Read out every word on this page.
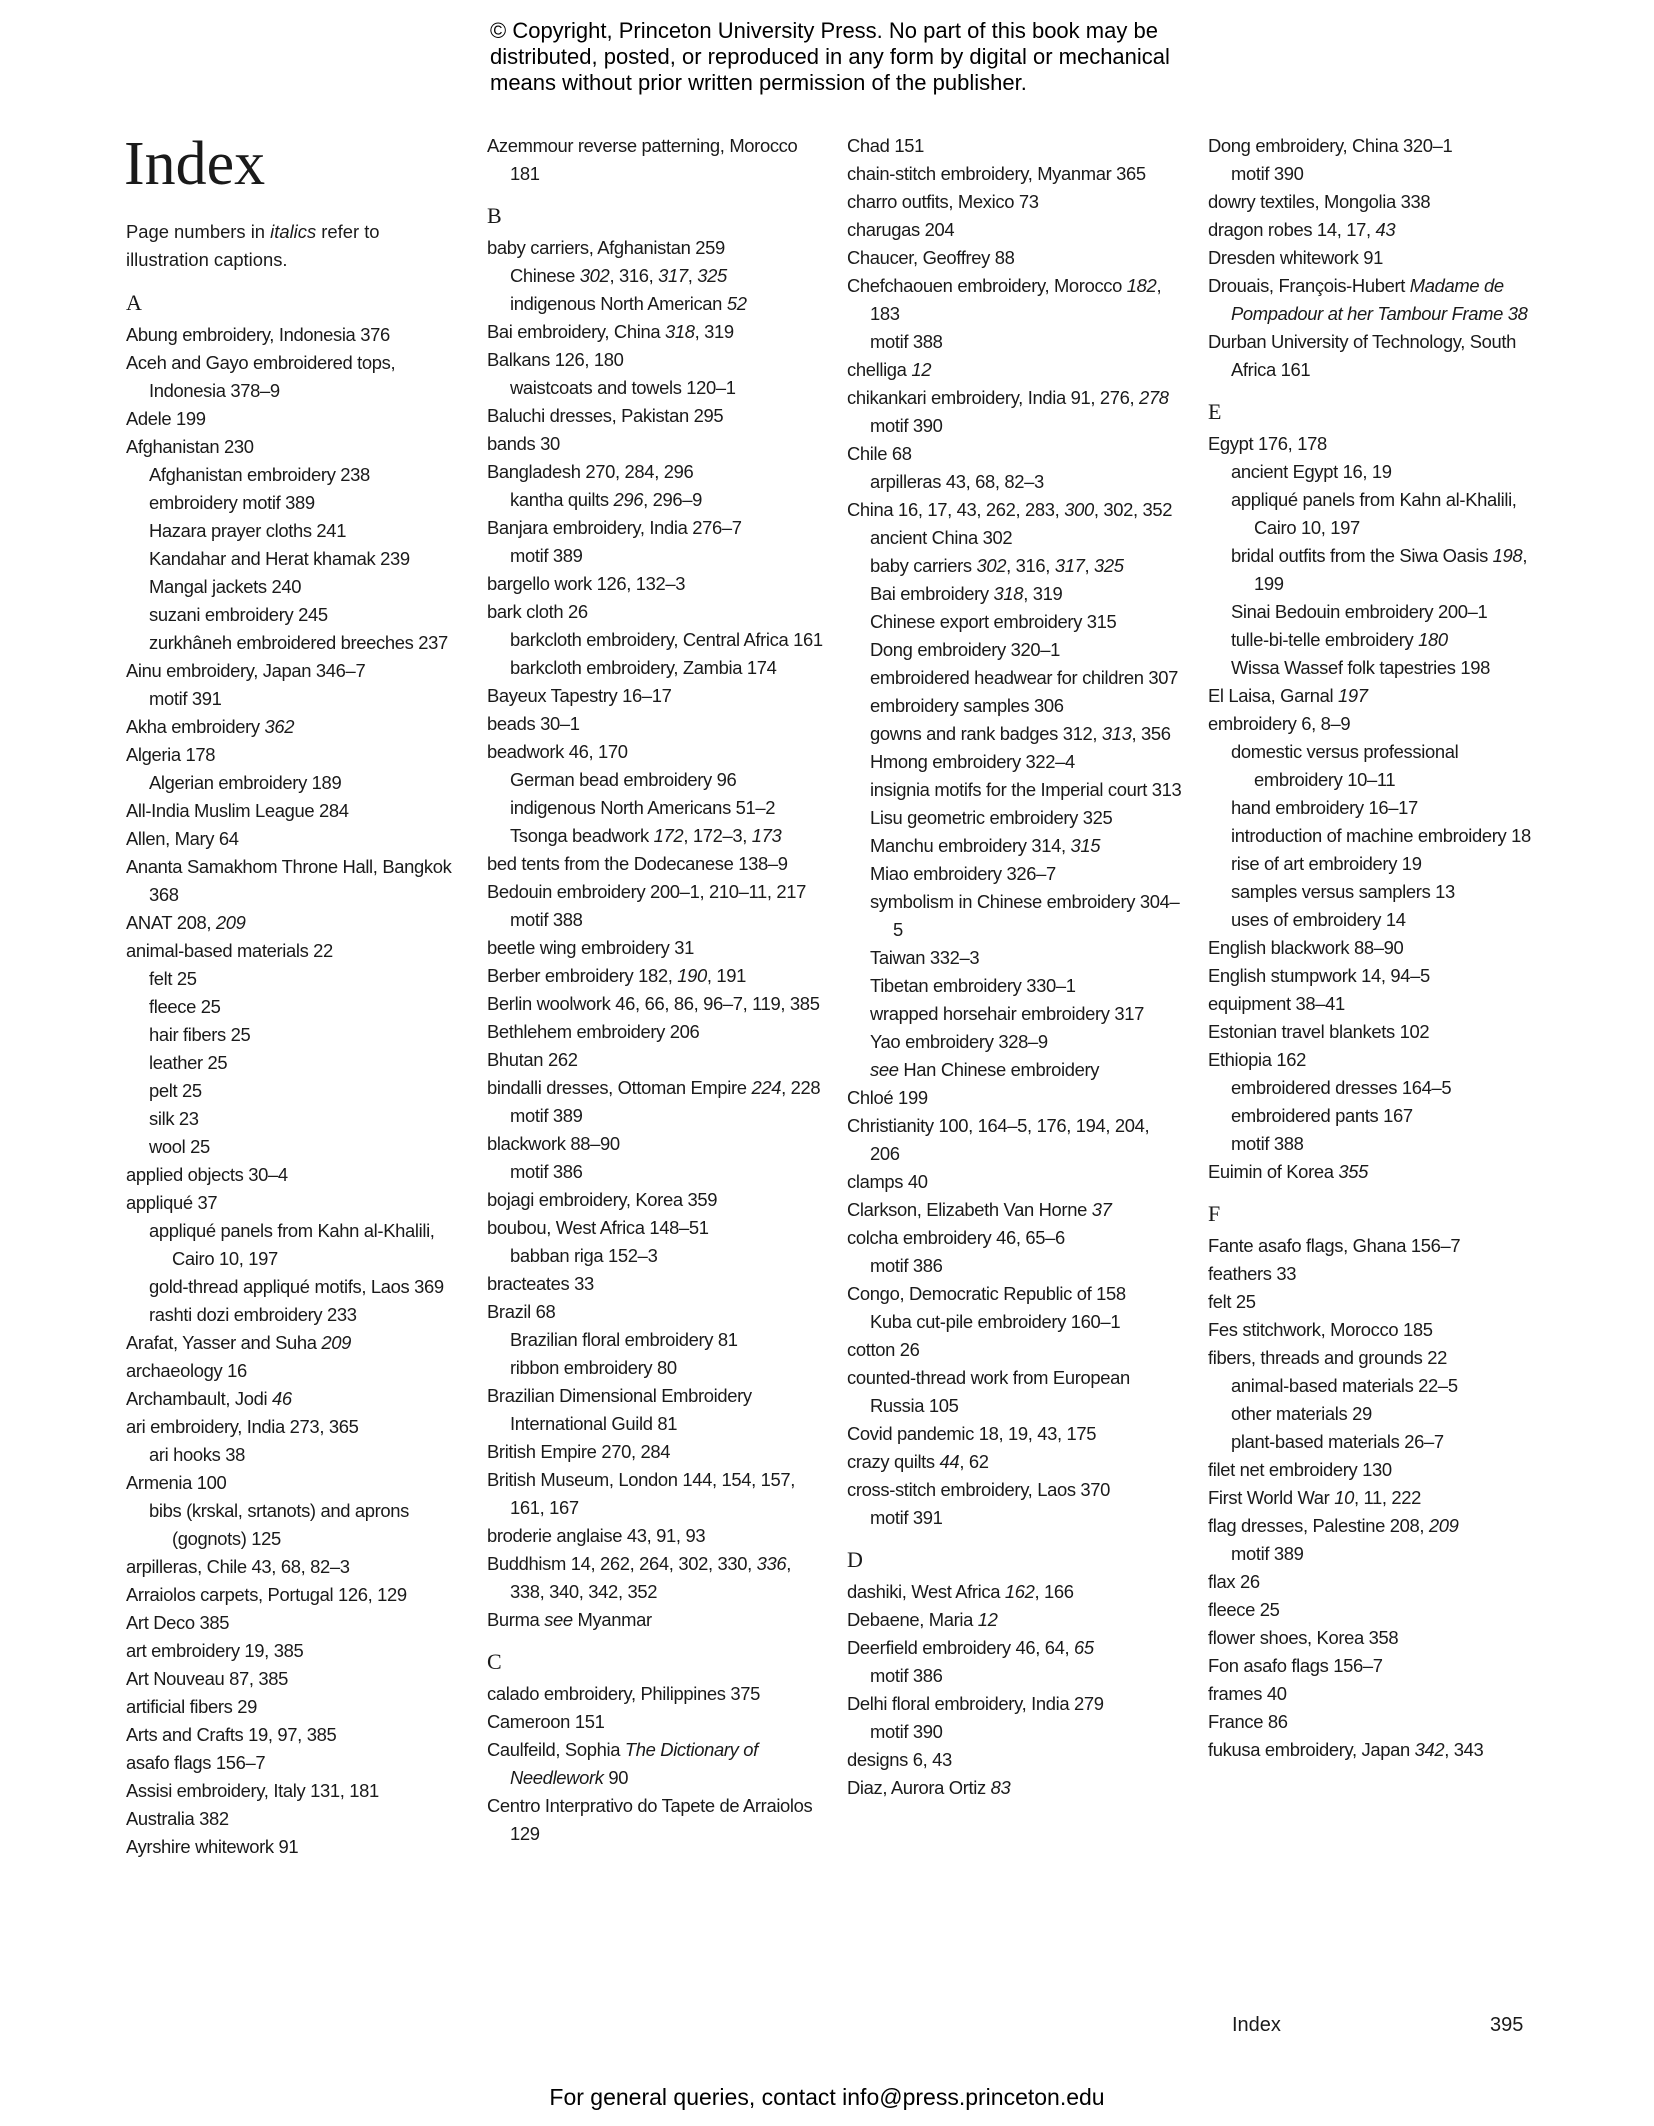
© Copyright, Princeton University Press. No part of this book may be
distributed, posted, or reproduced in any form by digital or mechanical
means without prior written permission of the publisher.
Index
Page numbers in italics refer to illustration captions.
A
Abung embroidery, Indonesia 376
Aceh and Gayo embroidered tops, Indonesia 378–9
Adele 199
Afghanistan 230
Afghanistan embroidery 238
embroidery motif 389
Hazara prayer cloths 241
Kandahar and Herat khamak 239
Mangal jackets 240
suzani embroidery 245
zurkhâneh embroidered breeches 237
Ainu embroidery, Japan 346–7
motif 391
Akha embroidery 362
Algeria 178
Algerian embroidery 189
All-India Muslim League 284
Allen, Mary 64
Ananta Samakhom Throne Hall, Bangkok 368
ANAT 208, 209
animal-based materials 22
felt 25
fleece 25
hair fibers 25
leather 25
pelt 25
silk 23
wool 25
applied objects 30–4
appliqué 37
appliqué panels from Kahn al-Khalili, Cairo 10, 197
gold-thread appliqué motifs, Laos 369
rashti dozi embroidery 233
Arafat, Yasser and Suha 209
archaeology 16
Archambault, Jodi 46
ari embroidery, India 273, 365
ari hooks 38
Armenia 100
bibs (krskal, srtanots) and aprons (gognots) 125
arpilleras, Chile 43, 68, 82–3
Arraiolos carpets, Portugal 126, 129
Art Deco 385
art embroidery 19, 385
Art Nouveau 87, 385
artificial fibers 29
Arts and Crafts 19, 97, 385
asafo flags 156–7
Assisi embroidery, Italy 131, 181
Australia 382
Ayrshire whitework 91
Azemmour reverse patterning, Morocco 181
B
baby carriers, Afghanistan 259
Chinese 302, 316, 317, 325
indigenous North American 52
Bai embroidery, China 318, 319
Balkans 126, 180
waistcoats and towels 120–1
Baluchi dresses, Pakistan 295
bands 30
Bangladesh 270, 284, 296
kantha quilts 296, 296–9
Banjara embroidery, India 276–7
motif 389
bargello work 126, 132–3
bark cloth 26
barkcloth embroidery, Central Africa 161
barkcloth embroidery, Zambia 174
Bayeux Tapestry 16–17
beads 30–1
beadwork 46, 170
German bead embroidery 96
indigenous North Americans 51–2
Tsonga beadwork 172, 172–3, 173
bed tents from the Dodecanese 138–9
Bedouin embroidery 200–1, 210–11, 217
motif 388
beetle wing embroidery 31
Berber embroidery 182, 190, 191
Berlin woolwork 46, 66, 86, 96–7, 119, 385
Bethlehem embroidery 206
Bhutan 262
bindalli dresses, Ottoman Empire 224, 228
motif 389
blackwork 88–90
motif 386
bojagi embroidery, Korea 359
boubou, West Africa 148–51
babban riga 152–3
bracteates 33
Brazil 68
Brazilian floral embroidery 81
ribbon embroidery 80
Brazilian Dimensional Embroidery International Guild 81
British Empire 270, 284
British Museum, London 144, 154, 157, 161, 167
broderie anglaise 43, 91, 93
Buddhism 14, 262, 264, 302, 330, 336, 338, 340, 342, 352
Burma see Myanmar
C
calado embroidery, Philippines 375
Cameroon 151
Caulfeild, Sophia The Dictionary of Needlework 90
Centro Interprativo do Tapete de Arraiolos 129
Chad 151
chain-stitch embroidery, Myanmar 365
charro outfits, Mexico 73
charugas 204
Chaucer, Geoffrey 88
Chefchaouen embroidery, Morocco 182, 183
motif 388
chelliga 12
chikankari embroidery, India 91, 276, 278
motif 390
Chile 68
arpilleras 43, 68, 82–3
China 16, 17, 43, 262, 283, 300, 302, 352
ancient China 302
baby carriers 302, 316, 317, 325
Bai embroidery 318, 319
Chinese export embroidery 315
Dong embroidery 320–1
embroidered headwear for children 307
embroidery samples 306
gowns and rank badges 312, 313, 356
Hmong embroidery 322–4
insignia motifs for the Imperial court 313
Lisu geometric embroidery 325
Manchu embroidery 314, 315
Miao embroidery 326–7
symbolism in Chinese embroidery 304–5
Taiwan 332–3
Tibetan embroidery 330–1
wrapped horsehair embroidery 317
Yao embroidery 328–9
see Han Chinese embroidery
Chloé 199
Christianity 100, 164–5, 176, 194, 204, 206
clamps 40
Clarkson, Elizabeth Van Horne 37
colcha embroidery 46, 65–6
motif 386
Congo, Democratic Republic of 158
Kuba cut-pile embroidery 160–1
cotton 26
counted-thread work from European Russia 105
Covid pandemic 18, 19, 43, 175
crazy quilts 44, 62
cross-stitch embroidery, Laos 370
motif 391
D
dashiki, West Africa 162, 166
Debaene, Maria 12
Deerfield embroidery 46, 64, 65
motif 386
Delhi floral embroidery, India 279
motif 390
designs 6, 43
Diaz, Aurora Ortiz 83
Dong embroidery, China 320–1
motif 390
dowry textiles, Mongolia 338
dragon robes 14, 17, 43
Dresden whitework 91
Drouais, François-Hubert Madame de Pompadour at her Tambour Frame 38
Durban University of Technology, South Africa 161
E
Egypt 176, 178
ancient Egypt 16, 19
appliqué panels from Kahn al-Khalili, Cairo 10, 197
bridal outfits from the Siwa Oasis 198, 199
Sinai Bedouin embroidery 200–1
tulle-bi-telle embroidery 180
Wissa Wassef folk tapestries 198
El Laisa, Garnal 197
embroidery 6, 8–9
domestic versus professional embroidery 10–11
hand embroidery 16–17
introduction of machine embroidery 18
rise of art embroidery 19
samples versus samplers 13
uses of embroidery 14
English blackwork 88–90
English stumpwork 14, 94–5
equipment 38–41
Estonian travel blankets 102
Ethiopia 162
embroidered dresses 164–5
embroidered pants 167
motif 388
Euimin of Korea 355
F
Fante asafo flags, Ghana 156–7
feathers 33
felt 25
Fes stitchwork, Morocco 185
fibers, threads and grounds 22
animal-based materials 22–5
other materials 29
plant-based materials 26–7
filet net embroidery 130
First World War 10, 11, 222
flag dresses, Palestine 208, 209
motif 389
flax 26
fleece 25
flower shoes, Korea 358
Fon asafo flags 156–7
frames 40
France 86
fukusa embroidery, Japan 342, 343
Index	395
For general queries, contact info@press.princeton.edu
